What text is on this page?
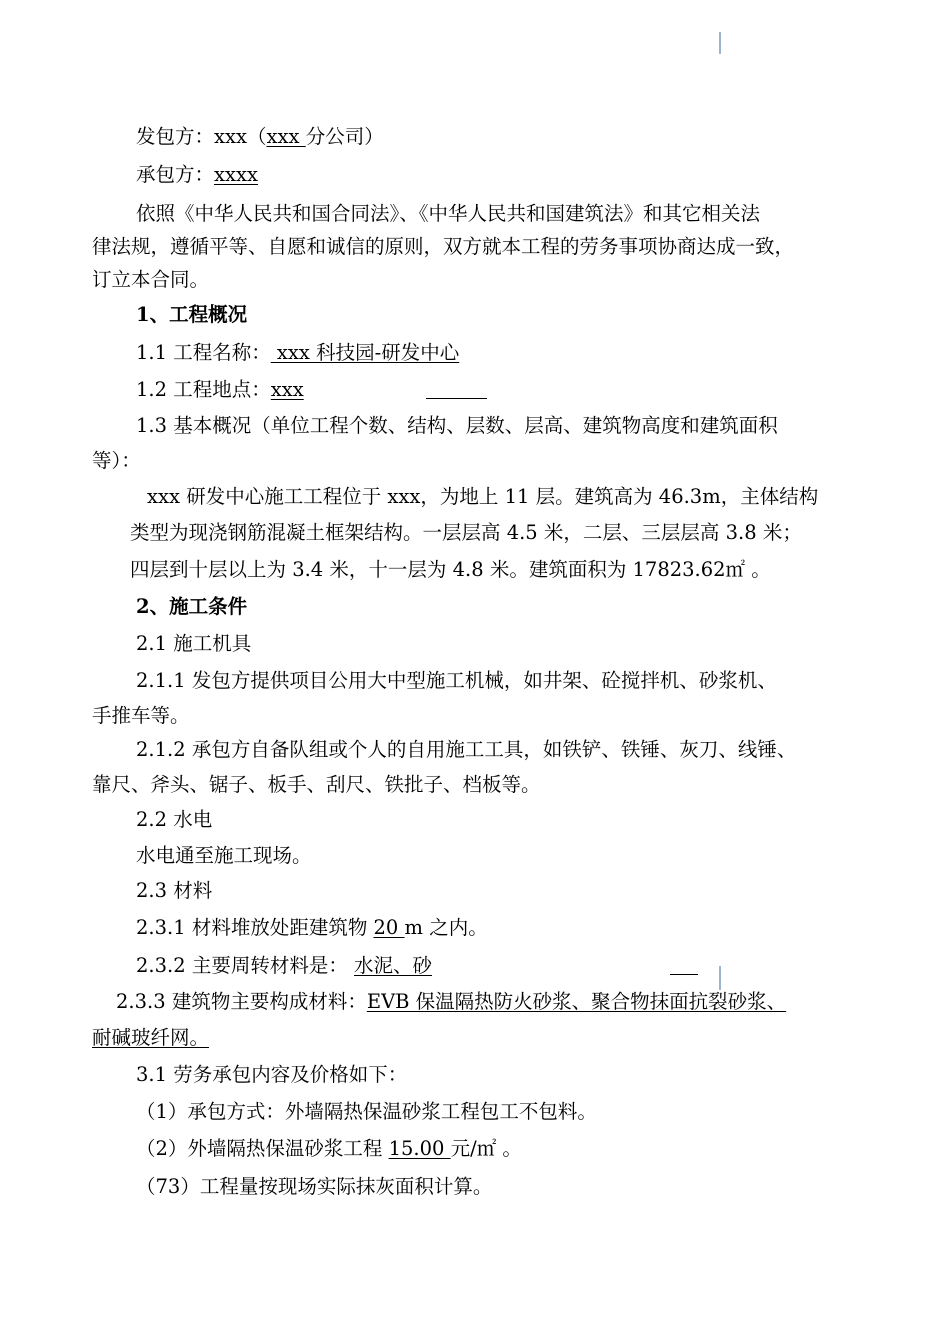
发包方：xxx（xxx 分公司）
承包方：xxxx
依照《中华人民共和国合同法》、《中华人民共和国建筑法》和其它相关法
律法规，遵循平等、自愿和诚信的原则，双方就本工程的劳务事项协商达成一致，
订立本合同。
1、工程概况
1.1 工程名称： xxx 科技园-研发中心
1.2 工程地点：xxx
1.3 基本概况（单位工程个数、结构、层数、层高、建筑物高度和建筑面积
等）：
xxx 研发中心施工工程位于 xxx，为地上 11 层。建筑高为 46.3m，主体结构
类型为现浇钢筋混凝土框架结构。一层层高 4.5 米，二层、三层层高 3.8 米；
四层到十层以上为 3.4 米，十一层为 4.8 米。建筑面积为 17823.62㎡ 。
2、施工条件
2.1 施工机具
2.1.1 发包方提供项目公用大中型施工机械，如井架、砼搅拌机、砂浆机、
手推车等。
2.1.2 承包方自备队组或个人的自用施工工具，如铁铲、铁锤、灰刀、线锤、
靠尺、斧头、锯子、板手、刮尺、铁批子、档板等。
2.2 水电
水电通至施工现场。
2.3 材料
2.3.1 材料堆放处距建筑物 20 m 之内。
2.3.2 主要周转材料是： 水泥、砂
2.3.3 建筑物主要构成材料：EVB 保温隔热防火砂浆、聚合物抹面抗裂砂浆、
耐碱玻纤网。
3.1 劳务承包内容及价格如下：
（1）承包方式：外墙隔热保温砂浆工程包工不包料。
（2）外墙隔热保温砂浆工程 15.00 元/㎡ 。
（73）工程量按现场实际抹灰面积计算。
